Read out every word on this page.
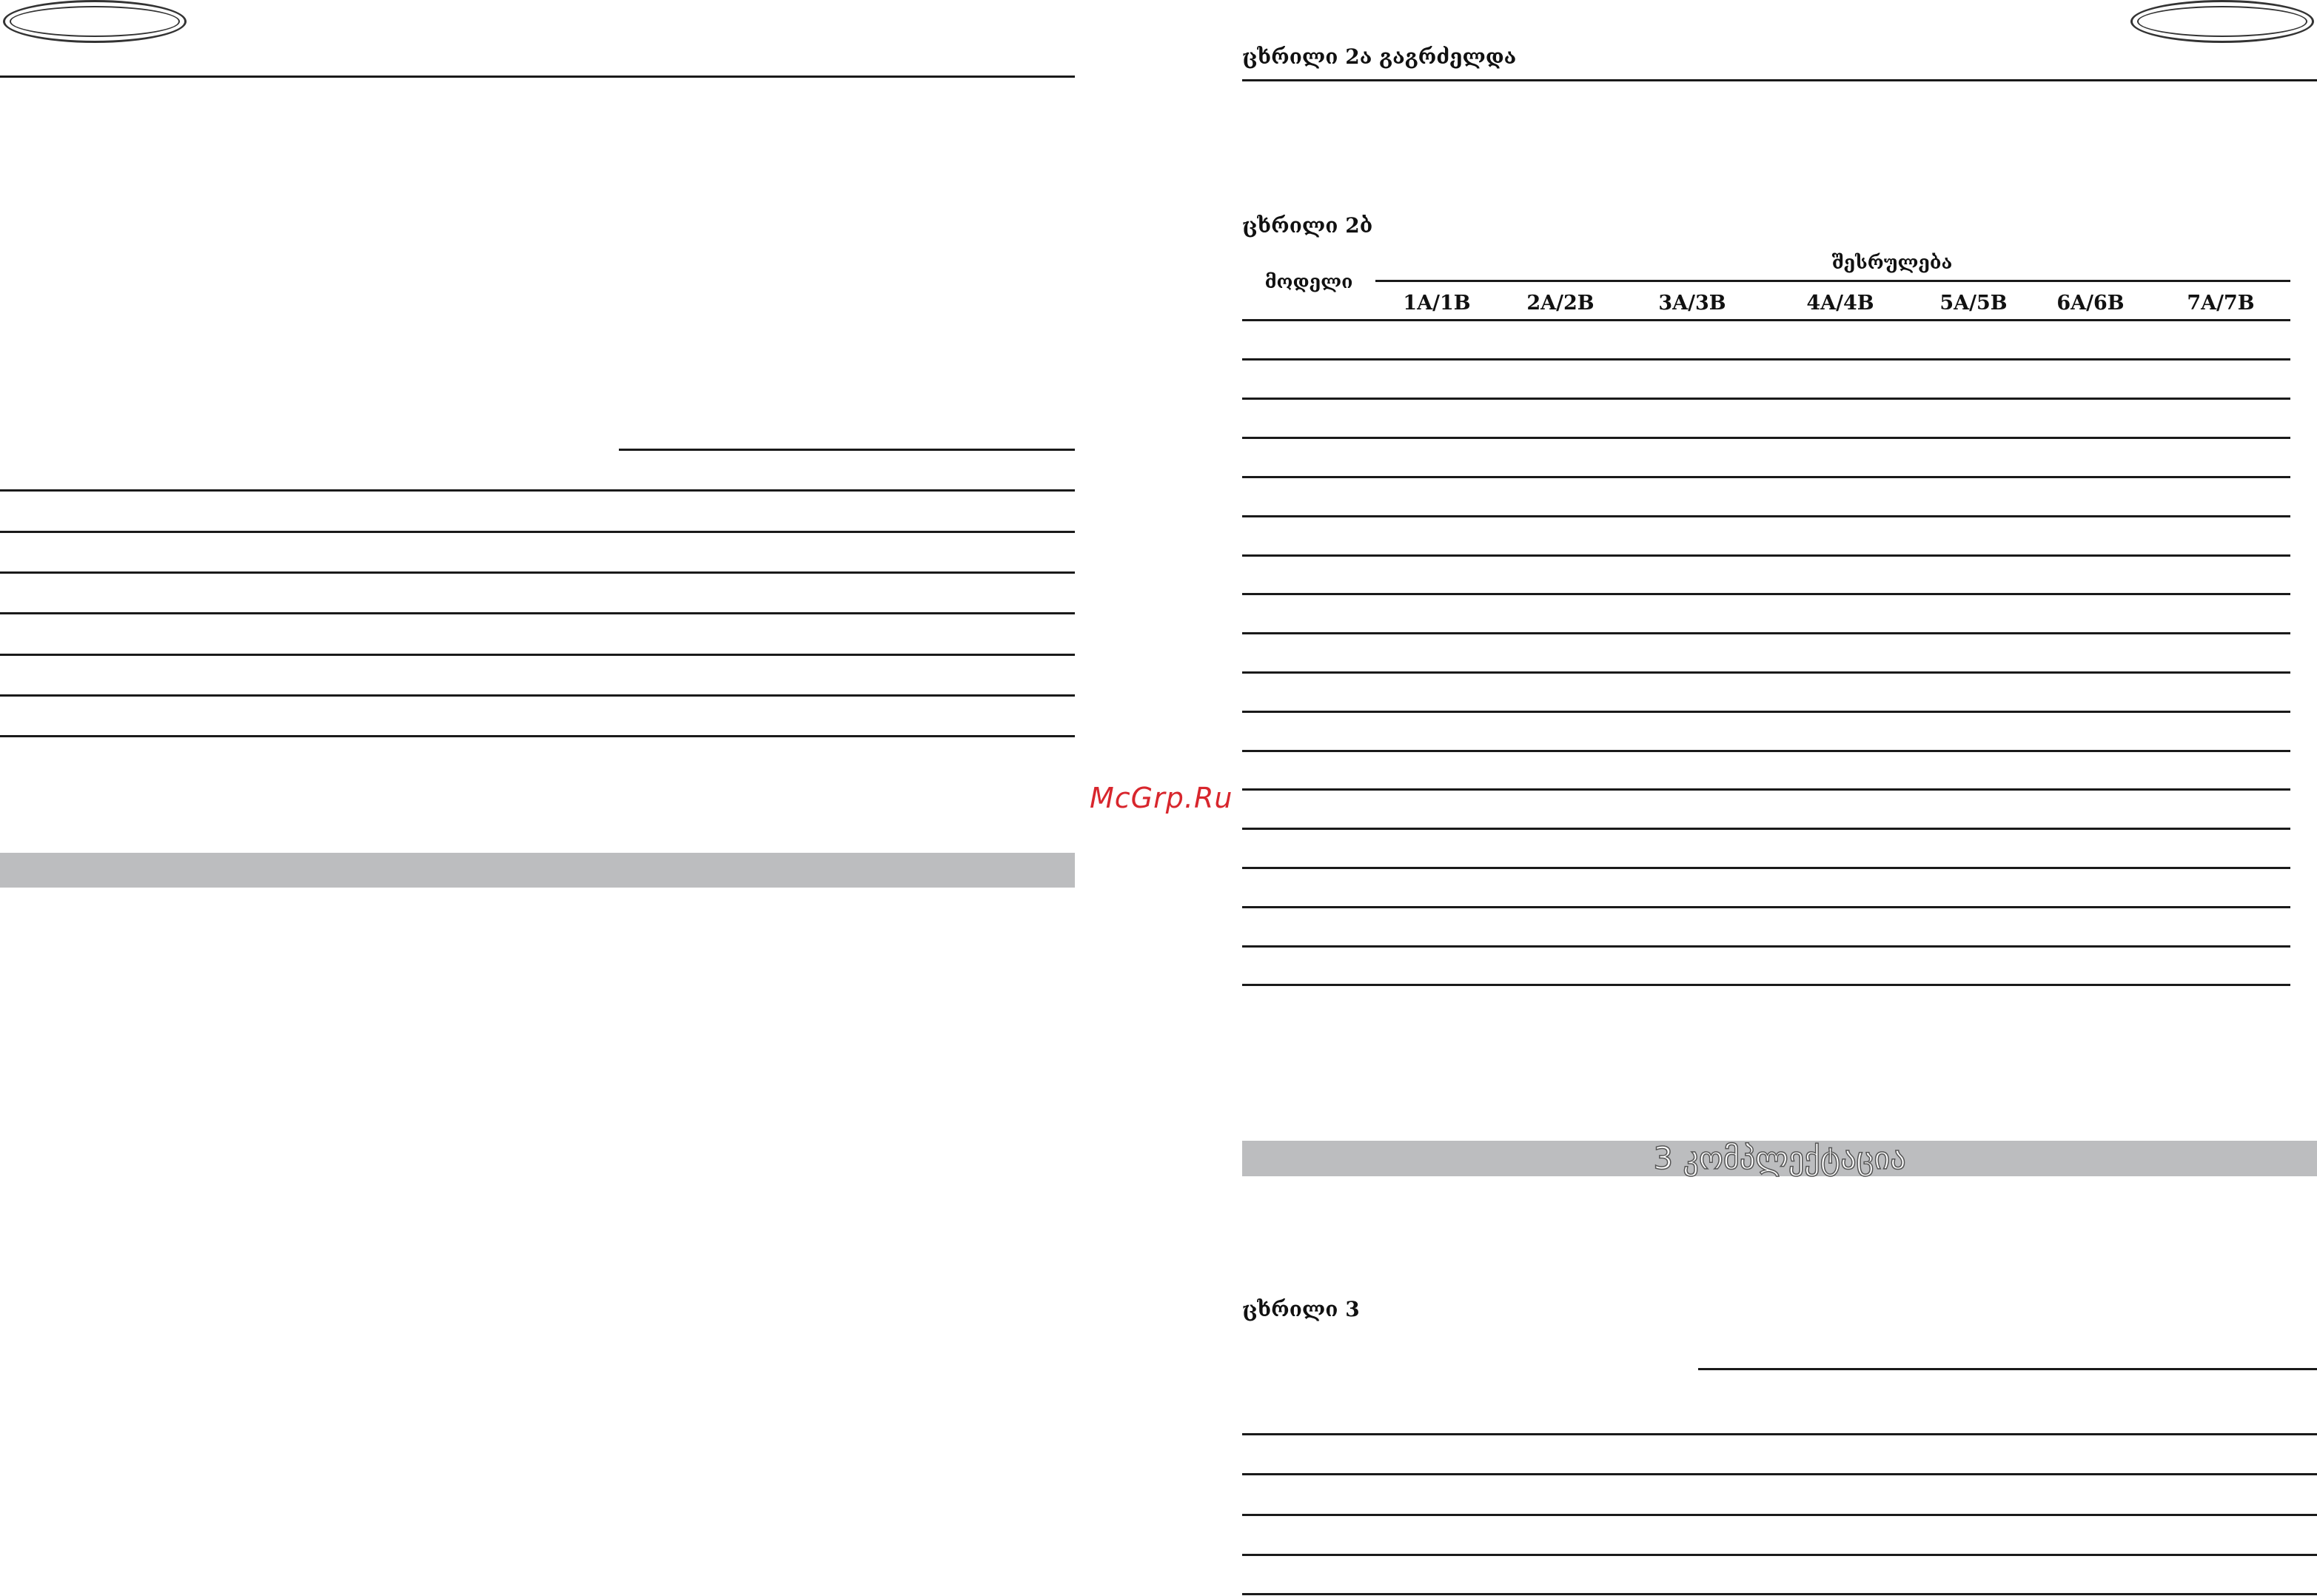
McGrp.Ru
ცხრილი 2ა გაგრძელდა
ცხრილი 2ბ
მოდელი
შესრულება
1A/1B	2A/2B	3A/3B	4A/4B	5A/5B 6A/6B	7A/7B
3 კომპლექტაცია
ცხრილი 3
